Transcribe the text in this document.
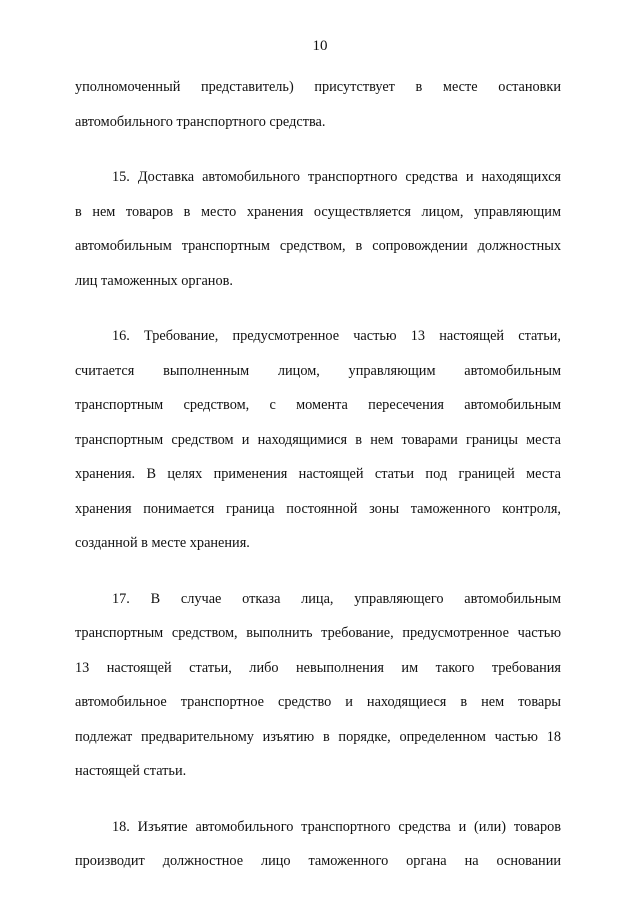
10

уполномоченный представитель) присутствует в месте остановки
автомобильного транспортного средства.

15. Доставка автомобильного транспортного средства и находящихся
в нем товаров в место хранения осуществляется лицом, управляющим
автомобильным транспортным средством, в сопровождении должностных
лиц таможенных органов.

16. Требование, предусмотренное частью 13 настоящей статьи,
считается выполненным лицом, управляющим автомобильным
транспортным средством, с момента пересечения автомобильным
транспортным средством и находящимися в нем товарами границы места
хранения. В целях применения настоящей статьи под границей места
хранения понимается граница постоянной зоны таможенного контроля,
созданной в месте хранения.

17. В случае отказа лица, управляющего автомобильным
транспортным средством, выполнить требование, предусмотренное частью
13 настоящей статьи, либо невыполнения им такого требования
автомобильное транспортное средство и находящиеся в нем товары
подлежат предварительному изъятию в порядке, определенном частью 18
настоящей статьи.

18. Изъятие автомобильного транспортного средства и (или) товаров
производит должностное лицо таможенного органа на основании
